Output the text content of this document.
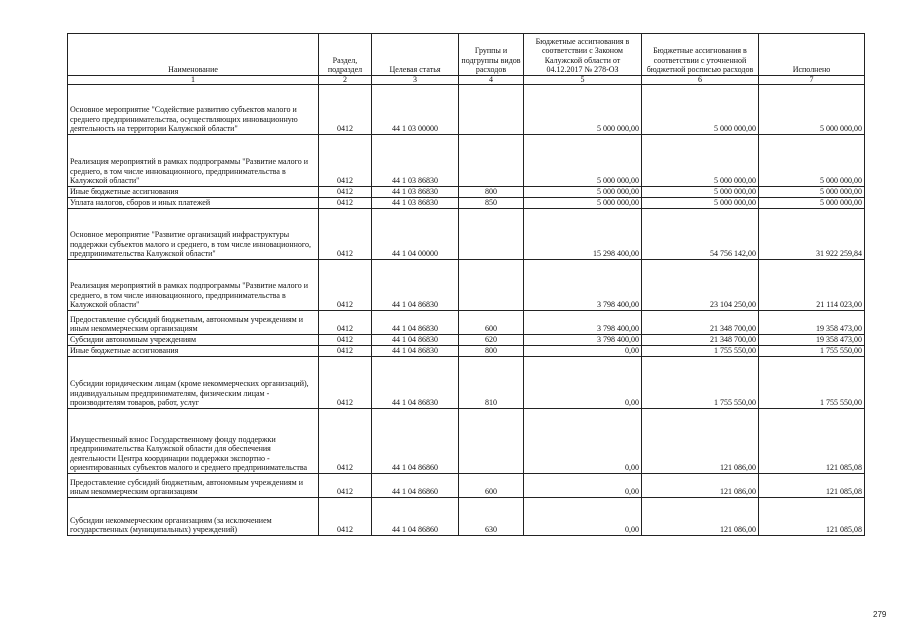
Наименование	Раздел, подраздел	Целевая статья	Группы и подгруппы видов расходов	Бюджетные ассигнования в соответствии с Законом Калужской области от 04.12.2017 № 278-ОЗ	Бюджетные ассигнования в соответствии с уточненной бюджетной росписью расходов	Исполнено
1	2	3	4	5	6	7
Основное мероприятие "Содействие развитию субъектов малого и среднего предпринимательства, осуществляющих инновационную деятельность на территории Калужской области"	0412	44 1 03 00000		5 000 000,00	5 000 000,00	5 000 000,00
Реализация мероприятий в рамках подпрограммы "Развитие малого и среднего, в том числе инновационного, предпринимательства в Калужской области"	0412	44 1 03 86830		5 000 000,00	5 000 000,00	5 000 000,00
Иные бюджетные ассигнования	0412	44 1 03 86830	800	5 000 000,00	5 000 000,00	5 000 000,00
Уплата налогов, сборов и иных платежей	0412	44 1 03 86830	850	5 000 000,00	5 000 000,00	5 000 000,00
Основное мероприятие "Развитие организаций инфраструктуры поддержки субъектов малого и среднего, в том числе инновационного, предпринимательства Калужской области"	0412	44 1 04 00000		15 298 400,00	54 756 142,00	31 922 259,84
Реализация мероприятий в рамках подпрограммы "Развитие малого и среднего, в том числе инновационного, предпринимательства в Калужской области"	0412	44 1 04 86830		3 798 400,00	23 104 250,00	21 114 023,00
Предоставление субсидий бюджетным, автономным учреждениям и иным некоммерческим организациям	0412	44 1 04 86830	600	3 798 400,00	21 348 700,00	19 358 473,00
Субсидии автономным учреждениям	0412	44 1 04 86830	620	3 798 400,00	21 348 700,00	19 358 473,00
Иные бюджетные ассигнования	0412	44 1 04 86830	800	0,00	1 755 550,00	1 755 550,00
Субсидии юридическим лицам (кроме некоммерческих организаций), индивидуальным предпринимателям, физическим лицам - производителям товаров, работ, услуг	0412	44 1 04 86830	810	0,00	1 755 550,00	1 755 550,00
Имущественный взнос Государственному фонду поддержки предпринимательства Калужской области для обеспечения деятельности Центра координации поддержки экспортно - ориентированных субъектов малого и среднего предпринимательства	0412	44 1 04 86860		0,00	121 086,00	121 085,08
Предоставление субсидий бюджетным, автономным учреждениям и иным некоммерческим организациям	0412	44 1 04 86860	600	0,00	121 086,00	121 085,08
Субсидии некоммерческим организациям (за исключением государственных (муниципальных) учреждений)	0412	44 1 04 86860	630	0,00	121 086,00	121 085,08
279
